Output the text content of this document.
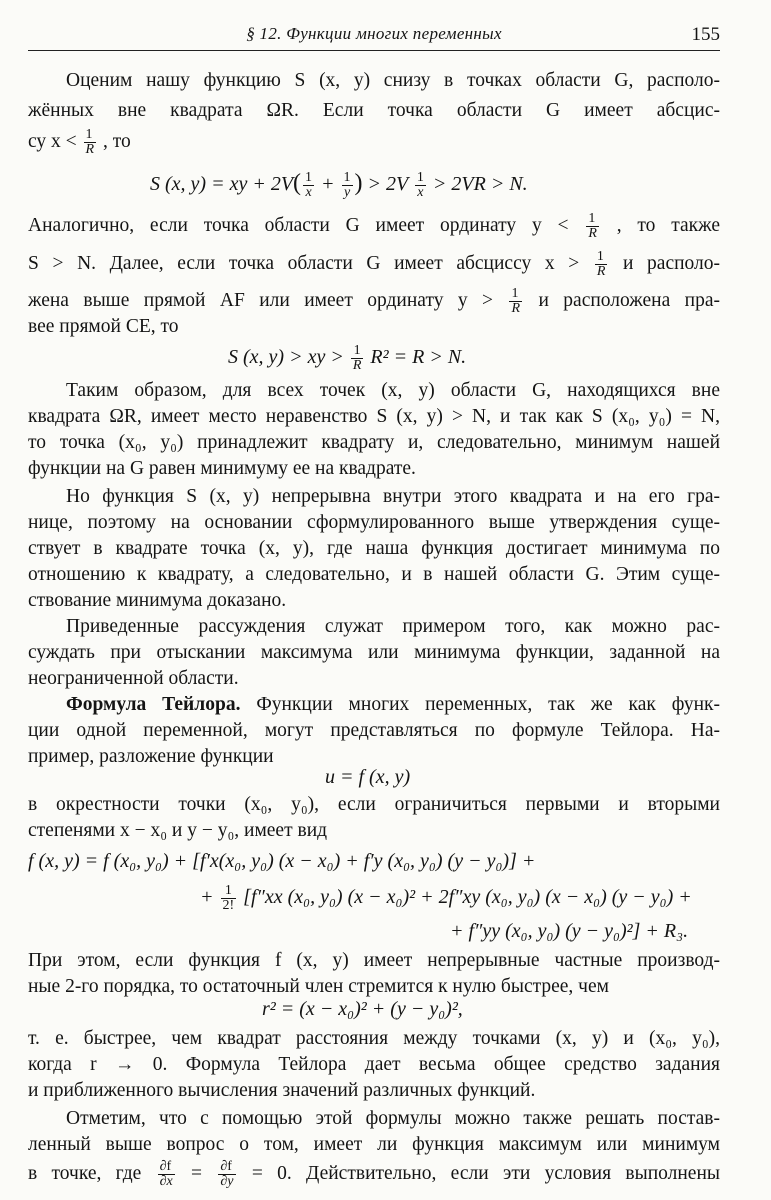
§ 12. Функции многих переменных	155
Оценим нашу функцию S (x, y) снизу в точках области G, располо-
жённых вне квадрата ΩR. Если точка области G имеет абсцис-
су $x < \frac{1}{R}$ , то
S (x, y) = xy + $2V( \frac{1}{x} + \frac{1}{y}$ ) > $2V \frac{1}{x} > 2VR > N$.
Аналогично, если точка области G имеет ординату $y < \frac{1}{R}$ , то также
S > N. Далее, если точка области G имеет абсциссу $x > \frac{1}{R}$ и располо-
жена выше прямой AF или имеет ординату $y > \frac{1}{R}$ и расположена пра-
вее прямой CE, то
S (x, y) > xy > $\frac{1}{R} R^2 = R > N$.
Таким образом, для всех точек (x, y) области G, находящихся вне
квадрата ΩR, имеет место неравенство S (x, y) > N, и так как S (x₀, y₀) = N,
то точка (x₀, y₀) принадлежит квадрату и, следовательно, минимум нашей
функции на G равен минимуму ее на квадрате.
Но функция S (x, y) непрерывна внутри этого квадрата и на его гра-
нице, поэтому на основании сформулированного выше утверждения суще-
ствует в квадрате точка (x, y), где наша функция достигает минимума по
отношению к квадрату, а следовательно, и в нашей области G. Этим суще-
ствование минимума доказано.
Приведенные рассуждения служат примером того, как можно рас-
суждать при отыскании максимума или минимума функции, заданной на
неограниченной области.
Формула Тейлора. Функции многих переменных, так же как функ-
ции одной переменной, могут представляться по формуле Тейлора. На-
пример, разложение функции
u = f (x, y)
в окрестности точки (x₀, y₀), если ограничиться первыми и вторыми
степенями x − x₀ и y − y₀, имеет вид
f (x, y) = f (x₀, y₀) + [f′x(x₀, y₀) (x − x₀) + f′y (x₀, y₀) (y − y₀)] +
+ $\frac{1}{2!} [f''xx$ (x₀, y₀) (x − x₀)² + 2f″xy (x₀, y₀) (x − x₀) (y − y₀) +
+ f″yy (x₀, y₀) (y − y₀)²] + R₃.
При этом, если функция f (x, y) имеет непрерывные частные производ-
ные 2-го порядка, то остаточный член стремится к нулю быстрее, чем
r² = (x − x₀)² + (y − y₀)²,
т. е. быстрее, чем квадрат расстояния между точками (x, y) и (x₀, y₀),
когда r → 0. Формула Тейлора дает весьма общее средство задания
и приближенного вычисления значений различных функций.
Отметим, что с помощью этой формулы можно также решать постав-
ленный выше вопрос о том, имеет ли функция максимум или минимум
в точке, где $\frac{\partial f}{\partial x} = \frac{\partial f}{\partial y} = 0$. Действительно, если эти условия выполнены
